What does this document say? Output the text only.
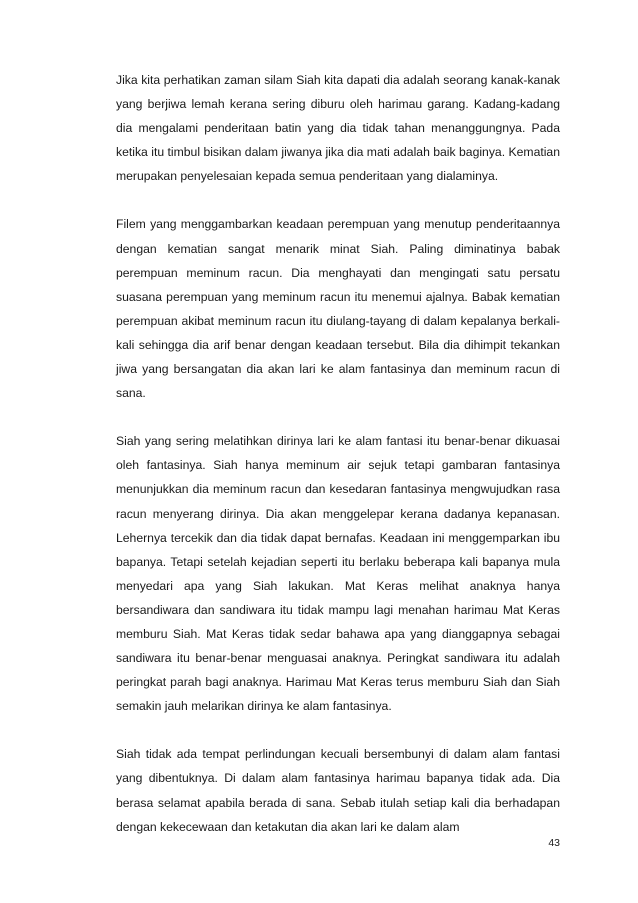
Jika kita perhatikan zaman silam Siah kita dapati dia adalah seorang kanak-kanak yang berjiwa lemah kerana sering diburu oleh harimau garang. Kadang-kadang dia mengalami penderitaan batin yang dia tidak tahan menanggungnya. Pada ketika itu timbul bisikan dalam jiwanya jika dia mati adalah baik baginya. Kematian merupakan penyelesaian kepada semua penderitaan yang dialaminya.

Filem yang menggambarkan keadaan perempuan yang menutup penderitaannya dengan kematian sangat menarik minat Siah. Paling diminatinya babak perempuan meminum racun. Dia menghayati dan mengingati satu persatu suasana perempuan yang meminum racun itu menemui ajalnya. Babak kematian perempuan akibat meminum racun itu diulang-tayang di dalam kepalanya berkali-kali sehingga dia arif benar dengan keadaan tersebut. Bila dia dihimpit tekankan jiwa yang bersangatan dia akan lari ke alam fantasinya dan meminum racun di sana.

Siah yang sering melatihkan dirinya lari ke alam fantasi itu benar-benar dikuasai oleh fantasinya. Siah hanya meminum air sejuk tetapi gambaran fantasinya menunjukkan dia meminum racun dan kesedaran fantasinya mengwujudkan rasa racun menyerang dirinya. Dia akan menggelepar kerana dadanya kepanasan. Lehernya tercekik dan dia tidak dapat bernafas. Keadaan ini menggemparkan ibu bapanya. Tetapi setelah kejadian seperti itu berlaku beberapa kali bapanya mula menyedari apa yang Siah lakukan. Mat Keras melihat anaknya hanya bersandiwara dan sandiwara itu tidak mampu lagi menahan harimau Mat Keras memburu Siah. Mat Keras tidak sedar bahawa apa yang dianggapnya sebagai sandiwara itu benar-benar menguasai anaknya. Peringkat sandiwara itu adalah peringkat parah bagi anaknya. Harimau Mat Keras terus memburu Siah dan Siah semakin jauh melarikan dirinya ke alam fantasinya.

Siah tidak ada tempat perlindungan kecuali bersembunyi di dalam alam fantasi yang dibentuknya. Di dalam alam fantasinya harimau bapanya tidak ada. Dia berasa selamat apabila berada di sana. Sebab itulah setiap kali dia berhadapan dengan kekecewaan dan ketakutan dia akan lari ke dalam alam

43
